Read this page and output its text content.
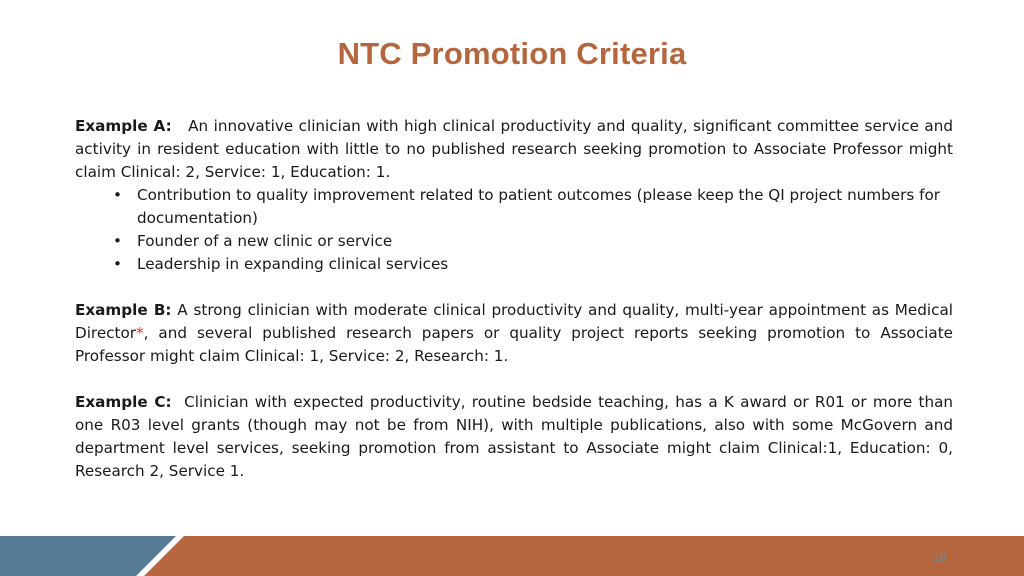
NTC Promotion Criteria

Example A: An innovative clinician with high clinical productivity and quality, significant committee service and activity in resident education with little to no published research seeking promotion to Associate Professor might claim Clinical: 2, Service: 1, Education: 1.

• Contribution to quality improvement related to patient outcomes (please keep the QI project numbers for documentation)
• Founder of a new clinic or service
• Leadership in expanding clinical services

Example B: A strong clinician with moderate clinical productivity and quality, multi-year appointment as Medical Director*, and several published research papers or quality project reports seeking promotion to Associate Professor might claim Clinical: 1, Service: 2, Research: 1.

Example C: Clinician with expected productivity, routine bedside teaching, has a K award or R01 or more than one R03 level grants (though may not be from NIH), with multiple publications, also with some McGovern and department level services, seeking promotion from assistant to Associate might claim Clinical:1, Education: 0, Research 2, Service 1.

16
